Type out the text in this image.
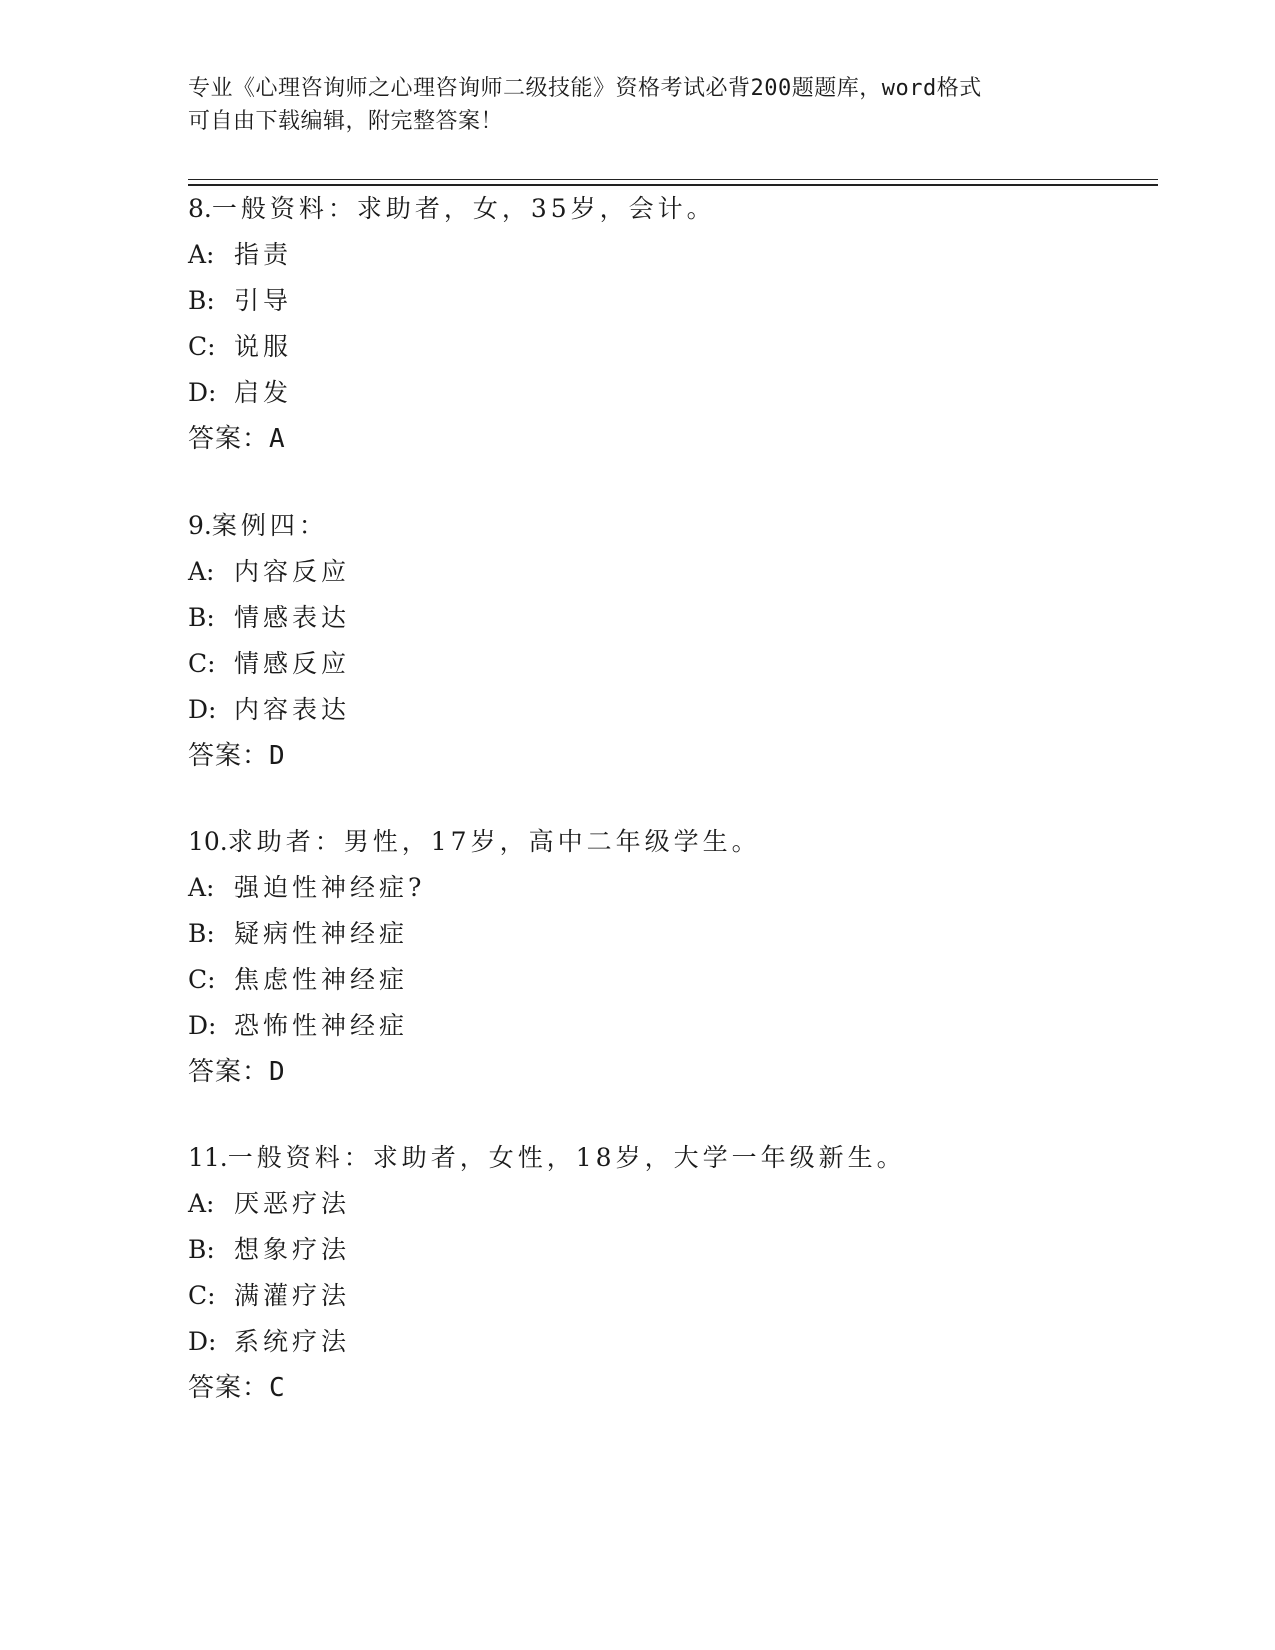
专业《心理咨询师之心理咨询师二级技能》资格考试必背200题题库，word格式
可自由下载编辑，附完整答案！
8.一般资料：求助者，女，35岁，会计。
A: 指责
B: 引导
C: 说服
D: 启发
答案：A
9.案例四：
A: 内容反应
B: 情感表达
C: 情感反应
D: 内容表达
答案：D
10.求助者：男性，17岁，高中二年级学生。
A: 强迫性神经症?
B: 疑病性神经症
C: 焦虑性神经症
D: 恐怖性神经症
答案：D
11.一般资料：求助者，女性，18岁，大学一年级新生。
A: 厌恶疗法
B: 想象疗法
C: 满灌疗法
D: 系统疗法
答案：C
